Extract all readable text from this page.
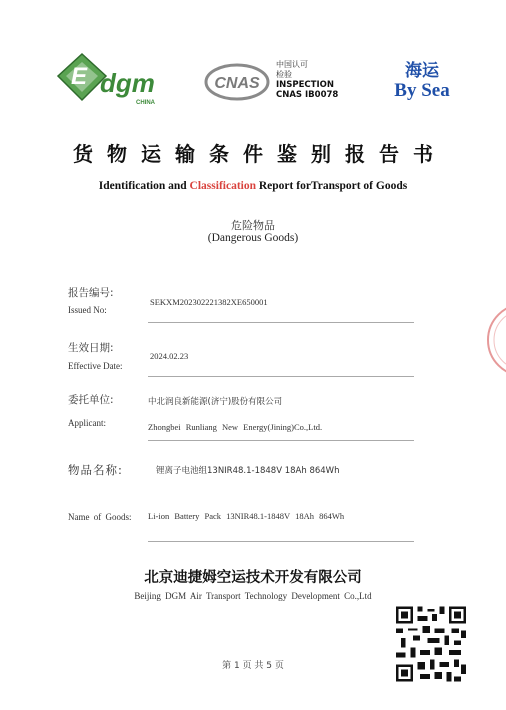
E dgm
CHINA
CNAS
中国认可
检验
INSPECTION
CNAS IB0078
海运
By Sea
货物运输条件鉴别报告书
Identification and Classification Report forTransport of Goods
危险物品
(Dangerous Goods)
报告编号:
Issued No:
SEKXM202302221382XE650001
生效日期:
Effective Date:
2024.02.23
委托单位:
Applicant:
中北润良新能源(济宁)股份有限公司
Zhongbei Runliang New Energy(Jining)Co.,Ltd.
物品名称:	锂离子电池组13NIR48.1-1848V 18Ah 864Wh
Name of Goods: Li-ion Battery Pack 13NIR48.1-1848V 18Ah 864Wh
北京迪捷姆空运技术开发有限公司
Beijing DGM Air Transport Technology Development Co.,Ltd
第 1 页 共 5 页
